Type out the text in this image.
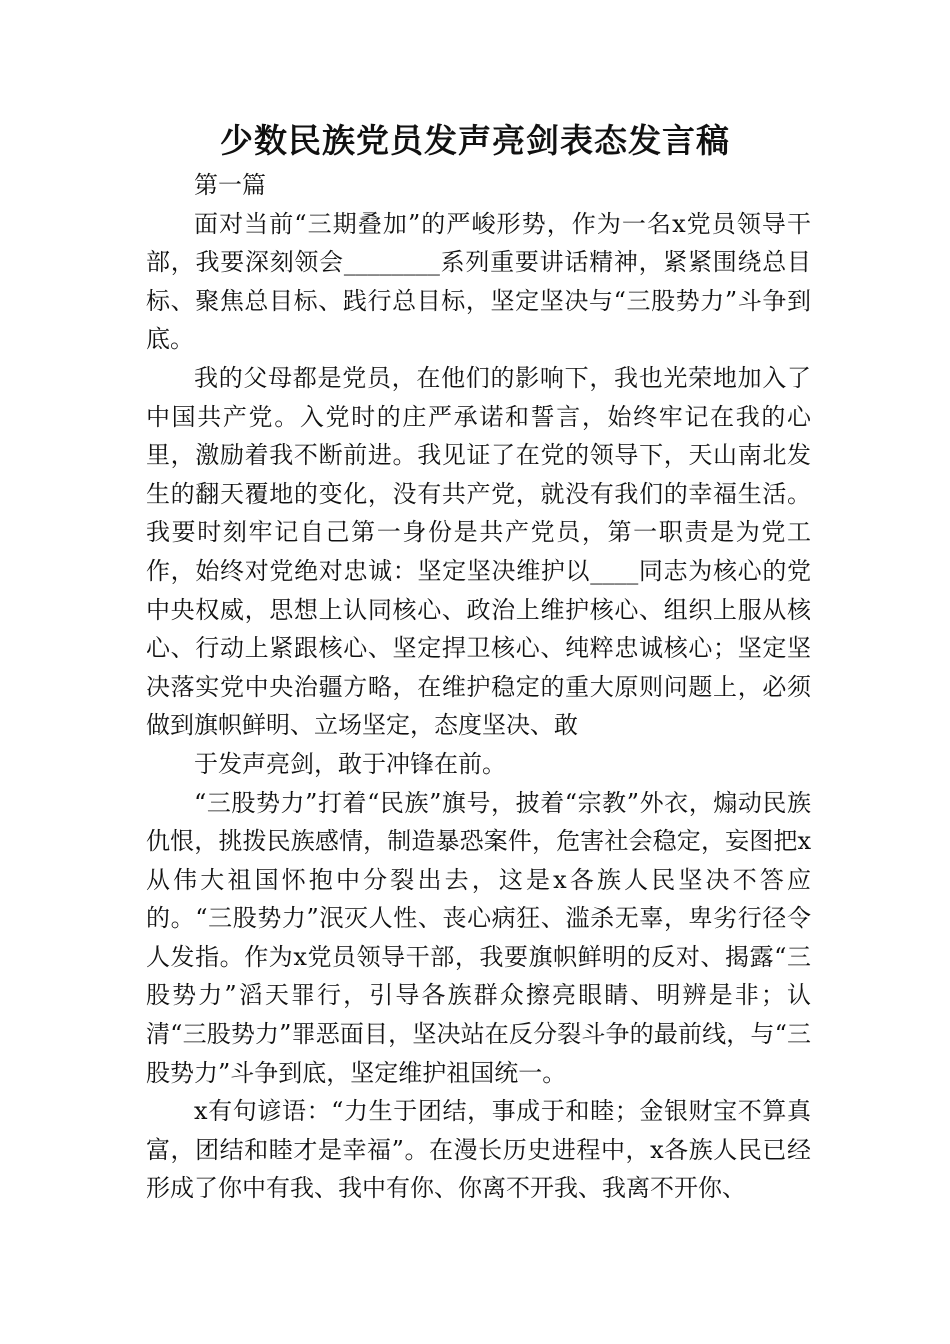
少数民族党员发声亮剑表态发言稿

第一篇

面对当前“三期叠加”的严峻形势，作为一名x党员领导干部，我要深刻领会________系列重要讲话精神，紧紧围绕总目标、聚焦总目标、践行总目标，坚定坚决与“三股势力”斗争到底。

我的父母都是党员，在他们的影响下，我也光荣地加入了中国共产党。入党时的庄严承诺和誓言，始终牢记在我的心里，激励着我不断前进。我见证了在党的领导下，天山南北发生的翻天覆地的变化，没有共产党，就没有我们的幸福生活。我要时刻牢记自己第一身份是共产党员，第一职责是为党工作，始终对党绝对忠诚：坚定坚决维护以____同志为核心的党中央权威，思想上认同核心、政治上维护核心、组织上服从核心、行动上紧跟核心、坚定捍卫核心、纯粹忠诚核心；坚定坚决落实党中央治疆方略，在维护稳定的重大原则问题上，必须做到旗帜鲜明、立场坚定，态度坚决、敢

于发声亮剑，敢于冲锋在前。

“三股势力”打着“民族”旗号，披着“宗教”外衣，煽动民族仇恨，挑拨民族感情，制造暴恐案件，危害社会稳定，妄图把x从伟大祖国怀抱中分裂出去，这是x各族人民坚决不答应的。“三股势力”泯灭人性、丧心病狂、滥杀无辜，卑劣行径令人发指。作为x党员领导干部，我要旗帜鲜明的反对、揭露“三股势力”滔天罪行，引导各族群众擦亮眼睛、明辨是非；认清“三股势力”罪恶面目，坚决站在反分裂斗争的最前线，与“三股势力”斗争到底，坚定维护祖国统一。

x有句谚语：“力生于团结，事成于和睦；金银财宝不算真富，团结和睦才是幸福”。在漫长历史进程中，x各族人民已经形成了你中有我、我中有你、你离不开我、我离不开你、
